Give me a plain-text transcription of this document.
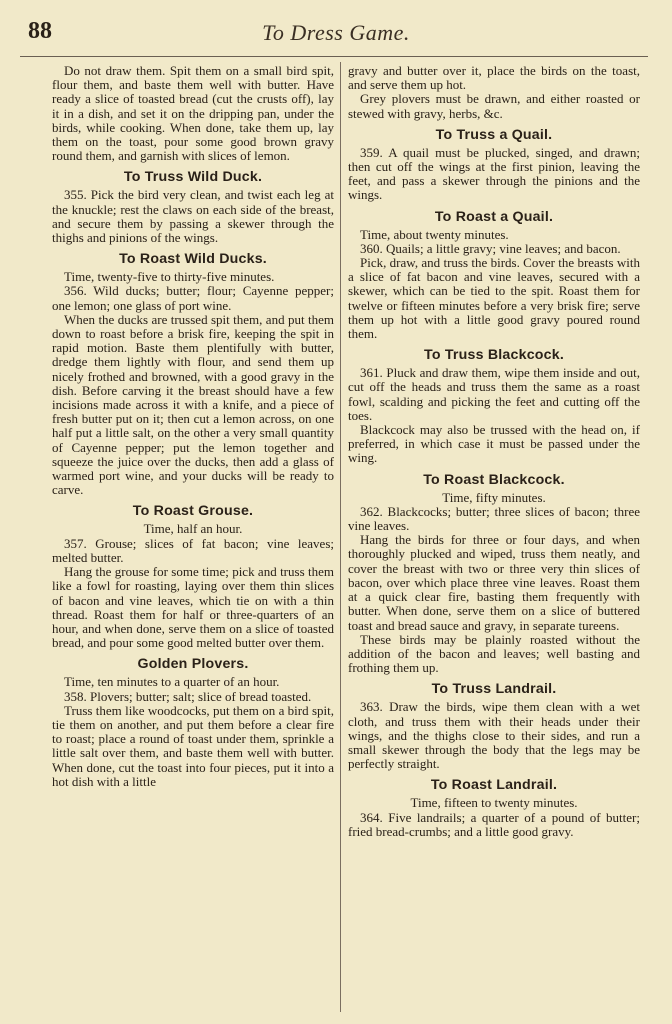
88	To Dress Game.

Do not draw them. Spit them on a small bird spit, flour them, and baste them well with butter. Have ready a slice of toasted bread (cut the crusts off), lay it in a dish, and set it on the dripping pan, under the birds, while cooking. When done, take them up, lay them on the toast, pour some good brown gravy round them, and garnish with slices of lemon.

To Truss Wild Duck.

355. Pick the bird very clean, and twist each leg at the knuckle; rest the claws on each side of the breast, and secure them by passing a skewer through the thighs and pinions of the wings.

To Roast Wild Ducks.

Time, twenty-five to thirty-five minutes.

356. Wild ducks; butter; flour; Cayenne pepper; one lemon; one glass of port wine.

When the ducks are trussed spit them, and put them down to roast before a brisk fire, keeping the spit in rapid motion. Baste them plentifully with butter, dredge them lightly with flour, and send them up nicely frothed and browned, with a good gravy in the dish. Before carving it the breast should have a few incisions made across it with a knife, and a piece of fresh butter put on it; then cut a lemon across, on one half put a little salt, on the other a very small quantity of Cayenne pepper; put the lemon together and squeeze the juice over the ducks, then add a glass of warmed port wine, and your ducks will be ready to carve.

To Roast Grouse.

Time, half an hour.

357. Grouse; slices of fat bacon; vine leaves; melted butter.

Hang the grouse for some time; pick and truss them like a fowl for roasting, laying over them thin slices of bacon and vine leaves, which tie on with a thin thread. Roast them for half or three-quarters of an hour, and when done, serve them on a slice of toasted bread, and pour some good melted butter over them.

Golden Plovers.

Time, ten minutes to a quarter of an hour.

358. Plovers; butter; salt; slice of bread toasted.

Truss them like woodcocks, put them on a bird spit, tie them on another, and put them before a clear fire to roast; place a round of toast under them, sprinkle a little salt over them, and baste them well with butter. When done, cut the toast into four pieces, put it into a hot dish with a little

gravy and butter over it, place the birds on the toast, and serve them up hot.

Grey plovers must be drawn, and either roasted or stewed with gravy, herbs, &c.

To Truss a Quail.

359. A quail must be plucked, singed, and drawn; then cut off the wings at the first pinion, leaving the feet, and pass a skewer through the pinions and the wings.

To Roast a Quail.

Time, about twenty minutes.

360. Quails; a little gravy; vine leaves; and bacon.

Pick, draw, and truss the birds. Cover the breasts with a slice of fat bacon and vine leaves, secured with a skewer, which can be tied to the spit. Roast them for twelve or fifteen minutes before a very brisk fire; serve them up hot with a little good gravy poured round them.

To Truss Blackcock.

361. Pluck and draw them, wipe them inside and out, cut off the heads and truss them the same as a roast fowl, scalding and picking the feet and cutting off the toes.

Blackcock may also be trussed with the head on, if preferred, in which case it must be passed under the wing.

To Roast Blackcock.

Time, fifty minutes.

362. Blackcocks; butter; three slices of bacon; three vine leaves.

Hang the birds for three or four days, and when thoroughly plucked and wiped, truss them neatly, and cover the breast with two or three very thin slices of bacon, over which place three vine leaves. Roast them at a quick clear fire, basting them frequently with butter. When done, serve them on a slice of buttered toast and bread sauce and gravy, in separate tureens.

These birds may be plainly roasted without the addition of the bacon and leaves; well basting and frothing them up.

To Truss Landrail.

363. Draw the birds, wipe them clean with a wet cloth, and truss them with their heads under their wings, and the thighs close to their sides, and run a small skewer through the body that the legs may be perfectly straight.

To Roast Landrail.

Time, fifteen to twenty minutes.

364. Five landrails; a quarter of a pound of butter; fried bread-crumbs; and a little good gravy.
